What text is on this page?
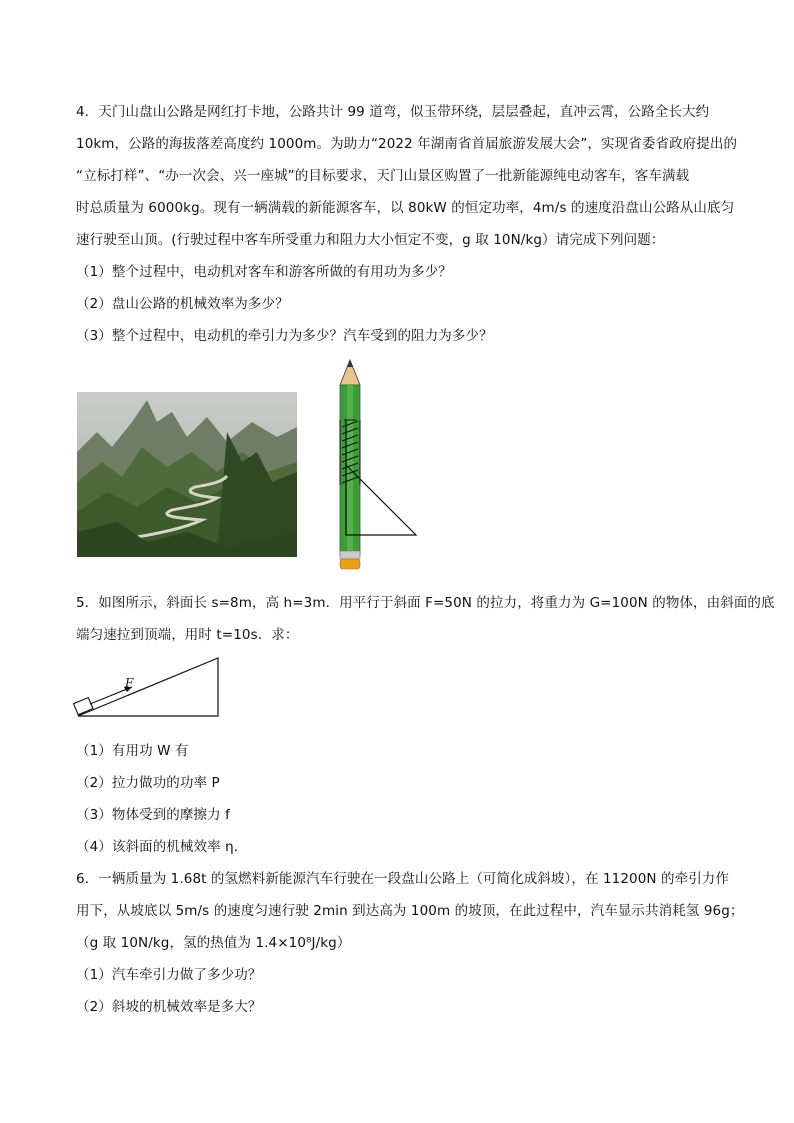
4．天门山盘山公路是网红打卡地，公路共计 99 道弯，似玉带环绕，层层叠起，直冲云霄，公路全长大约
10km，公路的海拔落差高度约 1000m。为助力“2022 年湖南省首届旅游发展大会”，实现省委省政府提出的
“立标打样”、“办一次会、兴一座城”的目标要求，天门山景区购置了一批新能源纯电动客车，客车满载
时总质量为 6000kg。现有一辆满载的新能源客车，以 80kW 的恒定功率，4m/s 的速度沿盘山公路从山底匀
速行驶至山顶。(行驶过程中客车所受重力和阻力大小恒定不变，g 取 10N/kg）请完成下列问题：
（1）整个过程中，电动机对客车和游客所做的有用功为多少？
（2）盘山公路的机械效率为多少？
（3）整个过程中，电动机的牵引力为多少？汽车受到的阻力为多少？
5．如图所示，斜面长 s=8m，高 h=3m．用平行于斜面 F=50N 的拉力，将重力为 G=100N 的物体，由斜面的底
端匀速拉到顶端，用时 t=10s．求：
F
（1）有用功 W 有
（2）拉力做功的功率 P
（3）物体受到的摩擦力 f
（4）该斜面的机械效率 η．
6．一辆质量为 1.68t 的氢燃料新能源汽车行驶在一段盘山公路上（可简化成斜坡），在 11200N 的牵引力作
用下，从坡底以 5m/s 的速度匀速行驶 2min 到达高为 100m 的坡顶，在此过程中，汽车显示共消耗氢 96g；
（g 取 10N/kg，氢的热值为 1.4×10⁸J/kg）
（1）汽车牵引力做了多少功？
（2）斜坡的机械效率是多大？
